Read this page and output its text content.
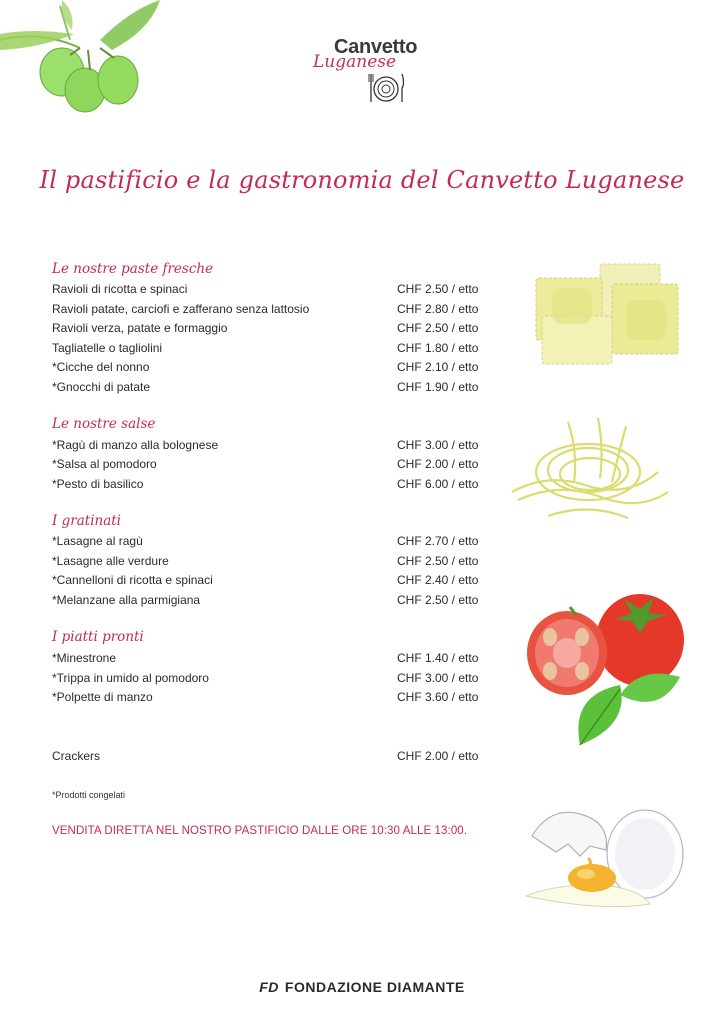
Canvetto
Luganese
Il pastificio e la gastronomia del Canvetto Luganese
Le nostre paste fresche
Ravioli di ricotta e spinaci	CHF 2.50 / etto
Ravioli patate, carciofi e zafferano senza lattosio	CHF 2.80 / etto
Ravioli verza, patate e formaggio	CHF 2.50 / etto
Tagliatelle o tagliolini	CHF 1.80 / etto
*Cicche del nonno	CHF 2.10 / etto
*Gnocchi di patate	CHF 1.90 / etto
Le nostre salse
*Ragù di manzo alla bolognese	CHF 3.00 / etto
*Salsa al pomodoro	CHF 2.00 / etto
*Pesto di basilico	CHF 6.00 / etto
I gratinati
*Lasagne al ragù	CHF 2.70 / etto
*Lasagne alle verdure	CHF 2.50 / etto
*Cannelloni di ricotta e spinaci	CHF 2.40 / etto
*Melanzane alla parmigiana	CHF 2.50 / etto
I piatti pronti
*Minestrone	CHF 1.40 / etto
*Trippa in umido al pomodoro	CHF 3.00 / etto
*Polpette di manzo	CHF 3.60 / etto
Crackers	CHF 2.00 / etto
*Prodotti congelati
VENDITA DIRETTA NEL NOSTRO PASTIFICIO DALLE ORE 10:30 ALLE 13:00.
FD FONDAZIONE DIAMANTE
